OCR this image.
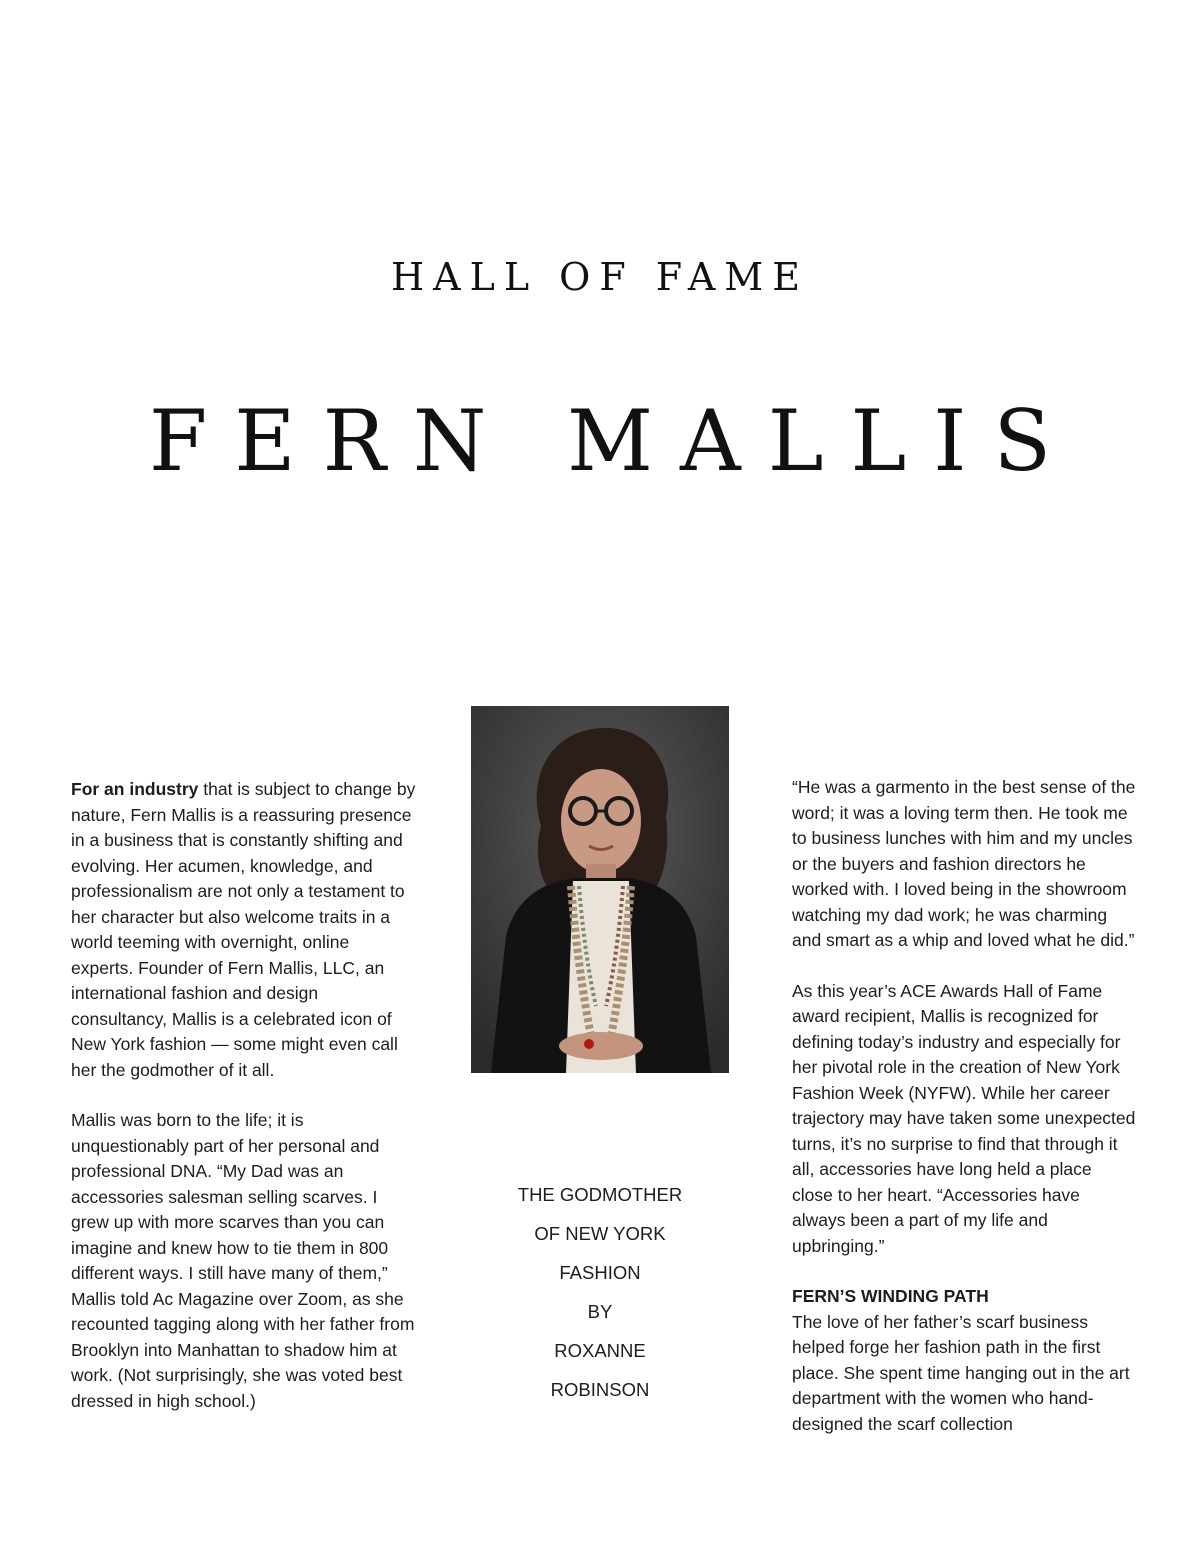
HALL OF FAME
FERN MALLIS

For an industry that is subject to change by nature, Fern Mallis is a reassuring presence in a business that is constantly shifting and evolving. Her acumen, knowledge, and professionalism are not only a testament to her character but also welcome traits in a world teeming with overnight, online experts. Founder of Fern Mallis, LLC, an international fashion and design consultancy, Mallis is a celebrated icon of New York fashion — some might even call her the godmother of it all.

Mallis was born to the life; it is unquestionably part of her personal and professional DNA. “My Dad was an accessories salesman selling scarves. I grew up with more scarves than you can imagine and knew how to tie them in 800 different ways. I still have many of them,” Mallis told Ac Magazine over Zoom, as she recounted tagging along with her father from Brooklyn into Manhattan to shadow him at work. (Not surprisingly, she was voted best dressed in high school.)

THE GODMOTHER
OF NEW YORK
FASHION
BY
ROXANNE
ROBINSON

“He was a garmento in the best sense of the word; it was a loving term then. He took me to business lunches with him and my uncles or the buyers and fashion directors he worked with. I loved being in the showroom watching my dad work; he was charming and smart as a whip and loved what he did.”

As this year’s ACE Awards Hall of Fame award recipient, Mallis is recognized for defining today’s industry and especially for her pivotal role in the creation of New York Fashion Week (NYFW). While her career trajectory may have taken some unexpected turns, it’s no surprise to find that through it all, accessories have long held a place close to her heart. “Accessories have always been a part of my life and upbringing.”

FERN’S WINDING PATH
The love of her father’s scarf business helped forge her fashion path in the first place. She spent time hanging out in the art department with the women who hand-designed the scarf collection
